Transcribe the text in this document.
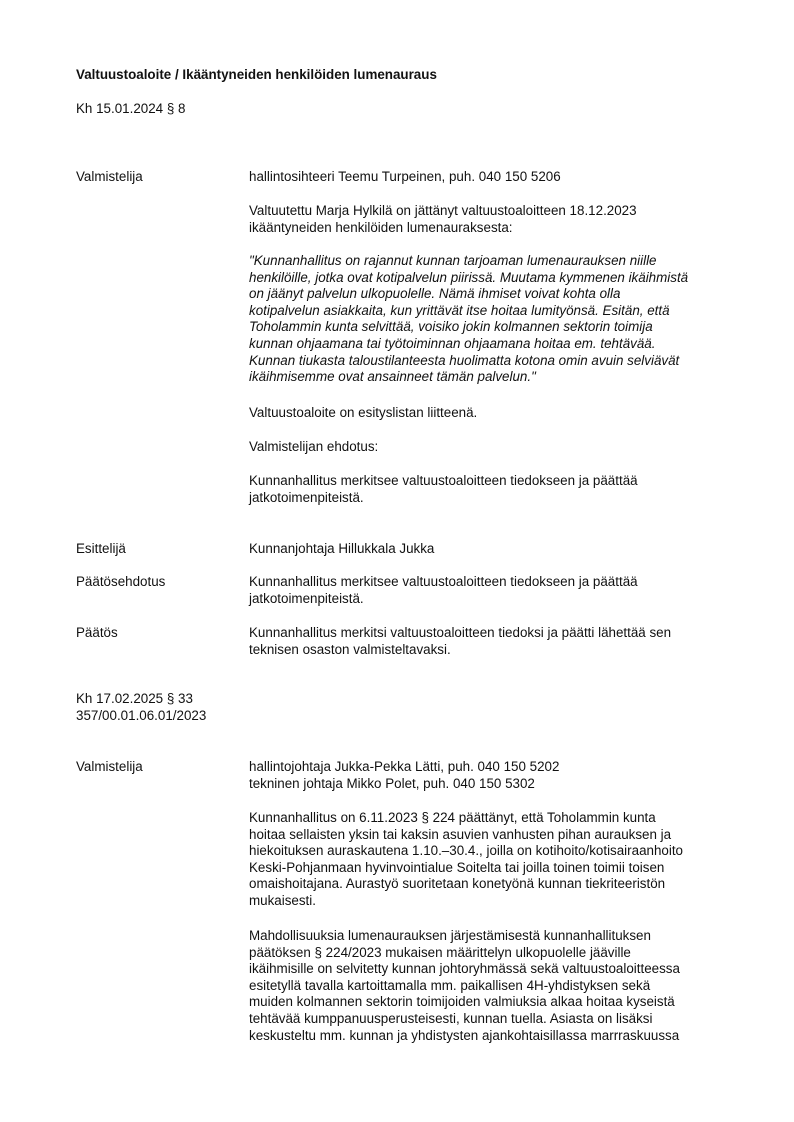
Valtuustoaloite / Ikääntyneiden henkilöiden lumenauraus
Kh 15.01.2024 § 8
Valmistelija	hallintosihteeri Teemu Turpeinen, puh. 040 150 5206
Valtuutettu Marja Hylkilä on jättänyt valtuustoaloitteen 18.12.2023
ikääntyneiden henkilöiden lumenauraksesta:
"Kunnanhallitus on rajannut kunnan tarjoaman lumenaurauksen niille
henkilöille, jotka ovat kotipalvelun piirissä. Muutama kymmenen ikäihmistä
on jäänyt palvelun ulkopuolelle. Nämä ihmiset voivat kohta olla
kotipalvelun asiakkaita, kun yrittävät itse hoitaa lumityönsä. Esitän, että
Toholammin kunta selvittää, voisiko jokin kolmannen sektorin toimija
kunnan ohjaamana tai työtoiminnan ohjaamana hoitaa em. tehtävää.
Kunnan tiukasta taloustilanteesta huolimatta kotona omin avuin selviävät
ikäihmisemme ovat ansainneet tämän palvelun."
Valtuustoaloite on esityslistan liitteenä.
Valmistelijan ehdotus:
Kunnanhallitus merkitsee valtuustoaloitteen tiedokseen ja päättää
jatkotoimenpiteistä.
Esittelijä	Kunnanjohtaja Hillukkala Jukka
Päätösehdotus	Kunnanhallitus merkitsee valtuustoaloitteen tiedokseen ja päättää
jatkotoimenpiteistä.
Päätös	Kunnanhallitus merkitsi valtuustoaloitteen tiedoksi ja päätti lähettää sen
teknisen osaston valmisteltavaksi.
Kh 17.02.2025 § 33
357/00.01.06.01/2023
Valmistelija	hallintojohtaja Jukka-Pekka Lätti, puh. 040 150 5202
tekninen johtaja Mikko Polet, puh. 040 150 5302
Kunnanhallitus on 6.11.2023 § 224 päättänyt, että Toholammin kunta
hoitaa sellaisten yksin tai kaksin asuvien vanhusten pihan aurauksen ja
hiekoituksen auraskautena 1.10.–30.4., joilla on kotihoito/kotisairaanhoito
Keski-Pohjanmaan hyvinvointialue Soitelta tai joilla toinen toimii toisen
omaishoitajana. Aurastyö suoritetaan konetyönä kunnan tiekriteeristön
mukaisesti.
Mahdollisuuksia lumenaurauksen järjestämisestä kunnanhallituksen
päätöksen § 224/2023 mukaisen määrittelyn ulkopuolelle jääville
ikäihmisille on selvitetty kunnan johtoryhmässä sekä valtuustoaloitteessa
esitetyllä tavalla kartoittamalla mm. paikallisen 4H-yhdistyksen sekä
muiden kolmannen sektorin toimijoiden valmiuksia alkaa hoitaa kyseistä
tehtävää kumppanuusperusteisesti, kunnan tuella. Asiasta on lisäksi
keskusteltu mm. kunnan ja yhdistysten ajankohtaisillassa marrraskuussa
